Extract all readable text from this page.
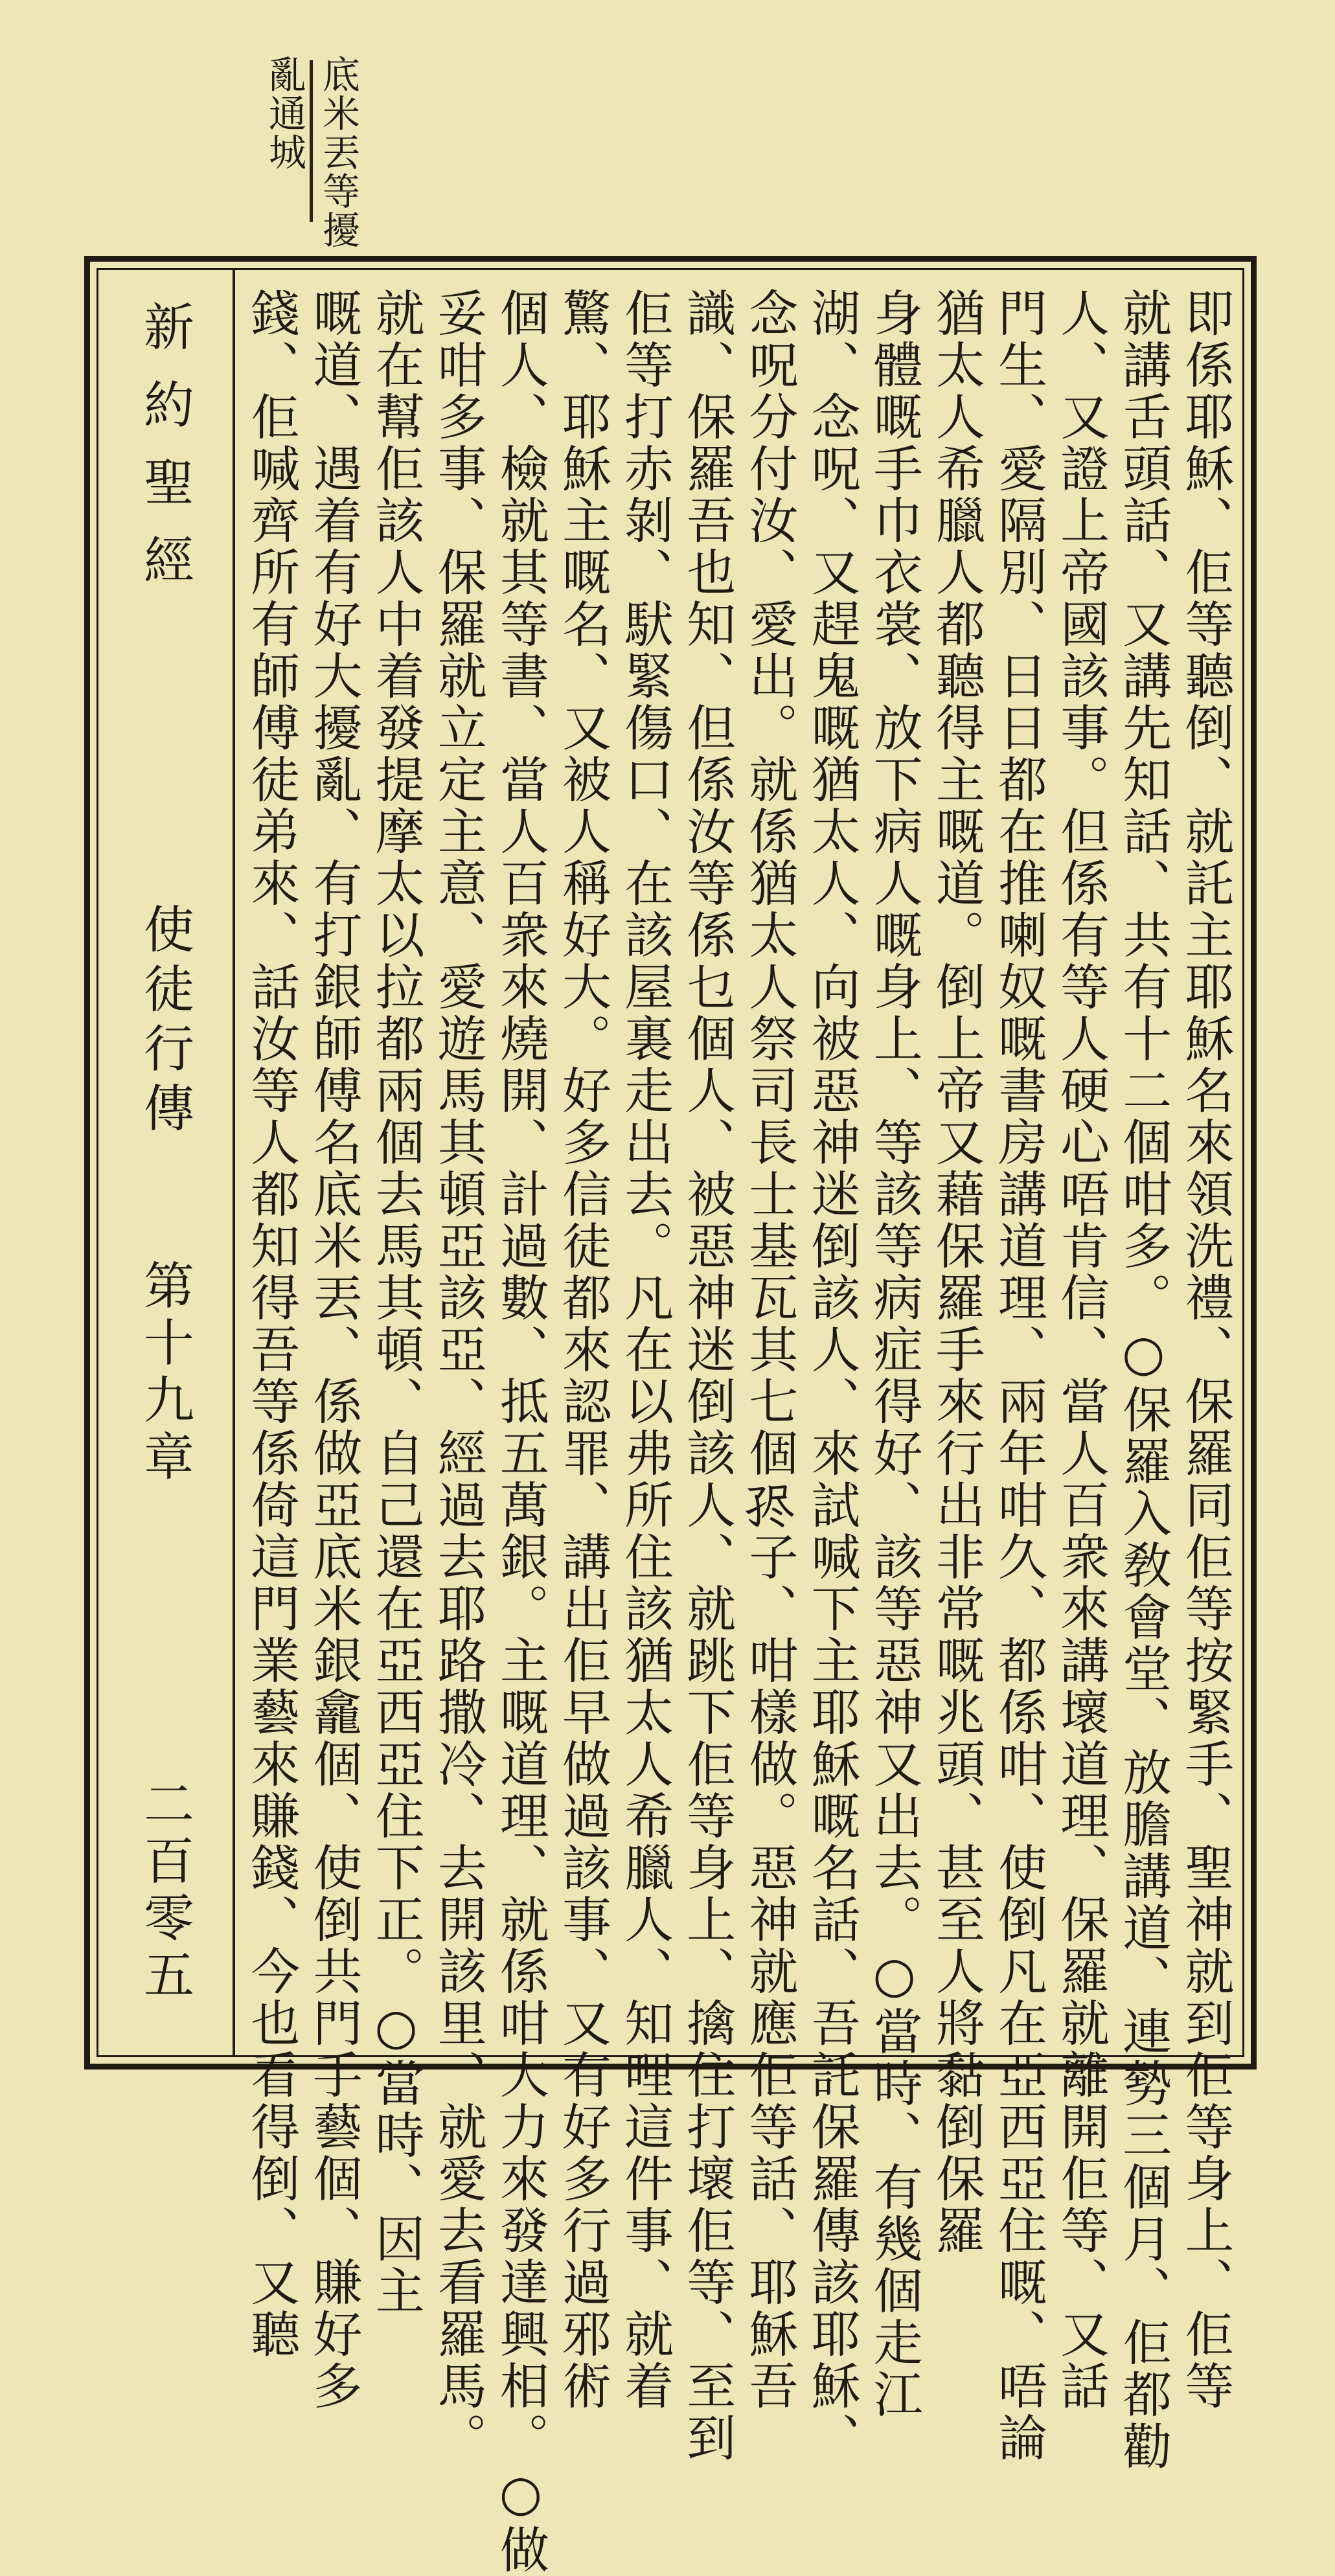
底米丟等擾
亂通城
新約聖經
使徒行傳
第十九章
二百零五	即係耶穌、佢等聽倒、就託主耶穌名來領洗禮、保羅同佢等按緊手、聖神就到佢等身上、佢等
就講舌頭話、又講先知話、共有十二個咁多。○保羅入敎會堂、放膽講道、連勢三個月、佢都勸
人、又證上帝國該事。但係有等人硬心唔肯信、當人百衆來講壞道理、保羅就離開佢等、又話
門生、愛隔別、日日都在推喇奴嘅書房講道理、兩年咁久、都係咁、使倒凡在亞西亞住嘅、唔論
猶太人希臘人都聽得主嘅道。倒上帝又藉保羅手來行出非常嘅兆頭、甚至人將黏倒保羅
身體嘅手巾衣裳、放下病人嘅身上、等該等病症得好、該等惡神又出去。○當時、有幾個走江
湖、念呪、又趕鬼嘅猶太人、向被惡神迷倒該人、來試喊下主耶穌嘅名話、吾託保羅傳該耶穌、
念呪分付汝、愛出。就係猶太人祭司長士基瓦其七個𡥧子、咁樣做。惡神就應佢等話、耶穌吾
識、保羅吾也知、但係汝等係乜個人、被惡神迷倒該人、就跳下佢等身上、擒住打壞佢等、至到
佢等打赤剝、䭾緊傷口、在該屋裏走出去。凡在以弗所住該猶太人希臘人、知哩這件事、就着
驚、耶穌主嘅名、又被人稱好大。好多信徒都來認罪、講出佢早做過該事、又有好多行過邪術
個人、檢就其等書、當人百衆來燒開、計過數、抵五萬銀。主嘅道理、就係咁大力來發達興相。○做
妥咁多事、保羅就立定主意、愛遊馬其頓亞該亞、經過去耶路撒冷、去開該里、就愛去看羅馬。
就在幫佢該人中着發提摩太以拉都兩個去馬其頓、自己還在亞西亞住下正。○當時、因主
嘅道、遇着有好大擾亂、有打銀師傅名底米丟、係做亞底米銀龕個、使倒共門手藝個、賺好多
錢、佢喊齊所有師傅徒弟來、話汝等人都知得吾等係倚這門業藝來賺錢、今也看得倒、又聽
